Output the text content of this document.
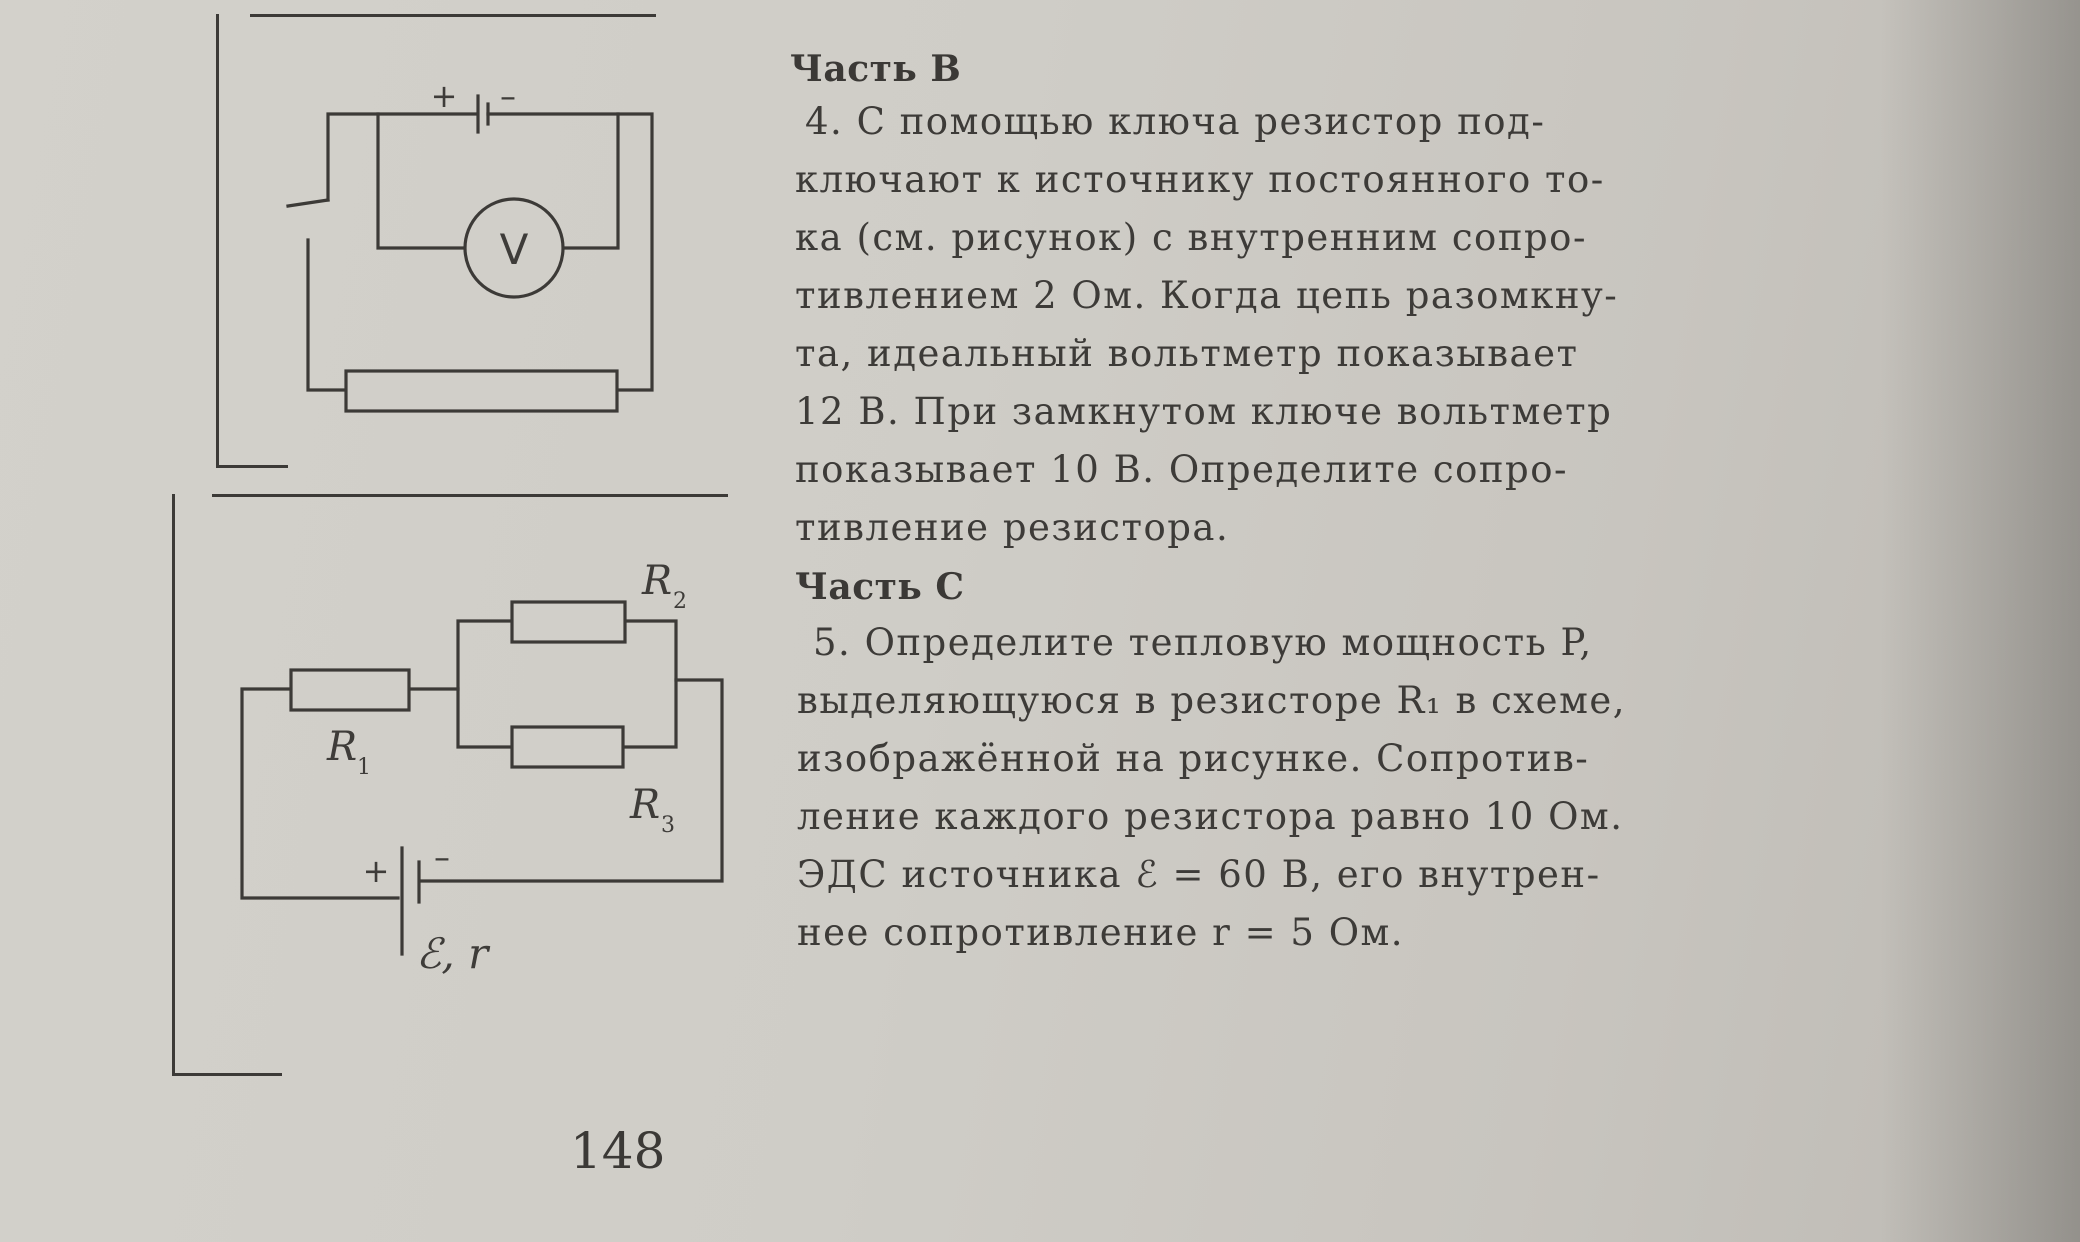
V
+ –
R 2
R 1
R 3
+ –
ℰ, r
Часть В

4. С помощью ключа резистор под-
ключают к источнику постоянного то-
ка (см. рисунок) с внутренним сопро-
тивлением 2 Ом. Когда цепь разомкну-
та, идеальный вольтметр показывает
12 В. При замкнутом ключе вольтметр
показывает 10 В. Определите сопро-
тивление резистора.

Часть С

5. Определите тепловую мощность P,
выделяющуюся в резисторе R₁ в схеме,
изображённой на рисунке. Сопротив-
ление каждого резистора равно 10 Ом.
ЭДС источника ℰ = 60 В, его внутрен-
нее сопротивление r = 5 Ом.

148
